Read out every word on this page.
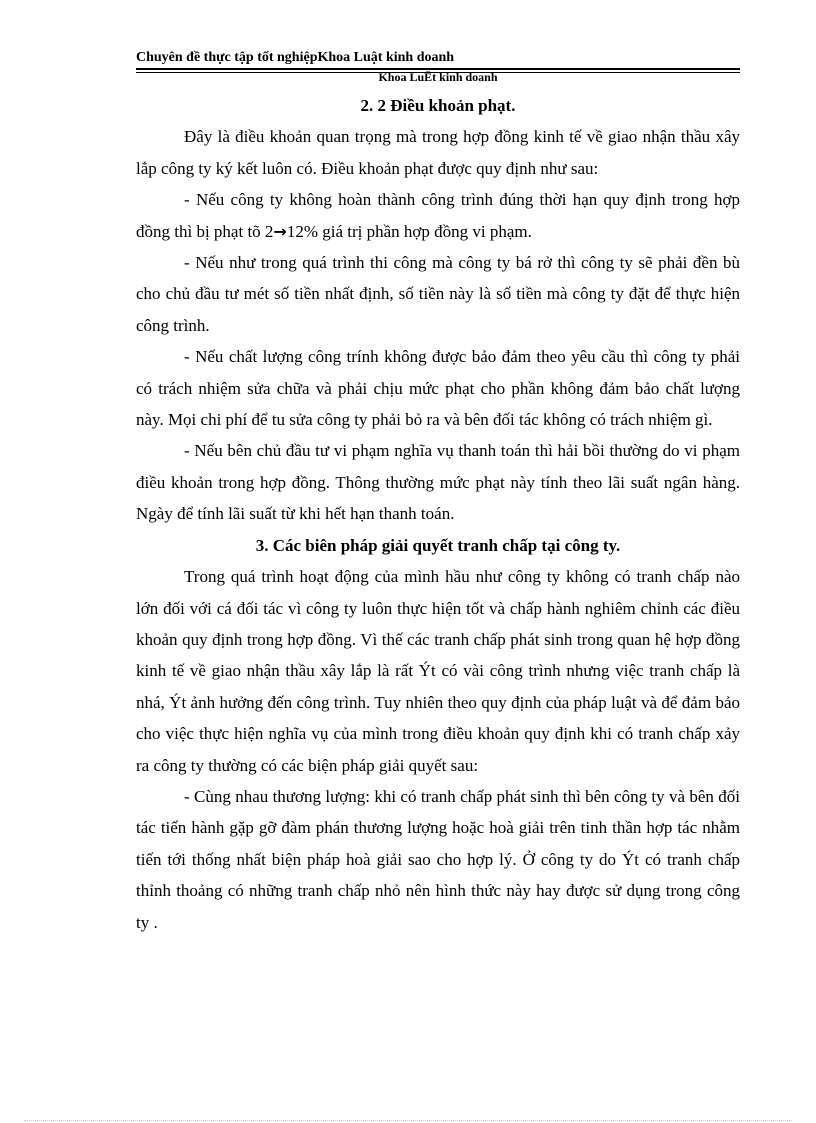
Chuyên đề thực tập tốt nghiệpKhoa Luật kinh doanh
Khoa LuËt kinh doanh

2. 2 Điều khoản phạt.

Đây là điều khoản quan trọng mà trong hợp đồng kinh tế về giao nhận thầu xây lắp công ty ký kết luôn có. Điều khoản phạt được quy định như sau:

- Nếu công ty không hoàn thành công trình đúng thời hạn quy định trong hợp đồng thì bị phạt tõ 2→12% giá trị phần hợp đồng vi phạm.

- Nếu như trong quá trình thi công mà công ty bá rở thì công ty sẽ phải đền bù cho chủ đầu tư mét số tiền nhất định, số tiền này là số tiền mà công ty đặt để thực hiện công trình.

- Nếu chất lượng công trính không được bảo đảm theo yêu cầu thì công ty phải có trách nhiệm sửa chữa và phải chịu mức phạt cho phần không đảm bảo chất lượng này. Mọi chi phí để tu sửa công ty phải bỏ ra và bên đối tác không có trách nhiệm gì.

- Nếu bên chủ đầu tư vi phạm nghĩa vụ thanh toán thì hải bồi thường do vi phạm điều khoản trong hợp đồng. Thông thường mức phạt này tính theo lãi suất ngân hàng. Ngày để tính lãi suất từ khi hết hạn thanh toán.

3. Các biên pháp giải quyết tranh chấp tại công ty.

Trong quá trình hoạt động của mình hầu như công ty không có tranh chấp nào lớn đối với cá đối tác vì công ty luôn thực hiện tốt và chấp hành nghiêm chỉnh các điều khoản quy định trong hợp đồng. Vì thế các tranh chấp phát sinh trong quan hệ hợp đồng kinh tế về giao nhận thầu xây lắp là rất Ýt có vài công trình nhưng việc tranh chấp là nhá, Ýt ảnh hưởng đến công trình. Tuy nhiên theo quy định của pháp luật và để đảm bảo cho việc thực hiện nghĩa vụ của mình trong điều khoản quy định khi có tranh chấp xảy ra công ty thường có các biện pháp giải quyết sau:

- Cùng nhau thương lượng: khi có tranh chấp phát sinh thì bên công ty và bên đối tác tiến hành gặp gỡ đàm phán thương lượng hoặc hoà giải trên tinh thần hợp tác nhằm tiến tới thống nhất biện pháp hoà giải sao cho hợp lý. Ở công ty do Ýt có tranh chấp thỉnh thoảng có những tranh chấp nhỏ nên hình thức này hay được sử dụng trong công ty .
